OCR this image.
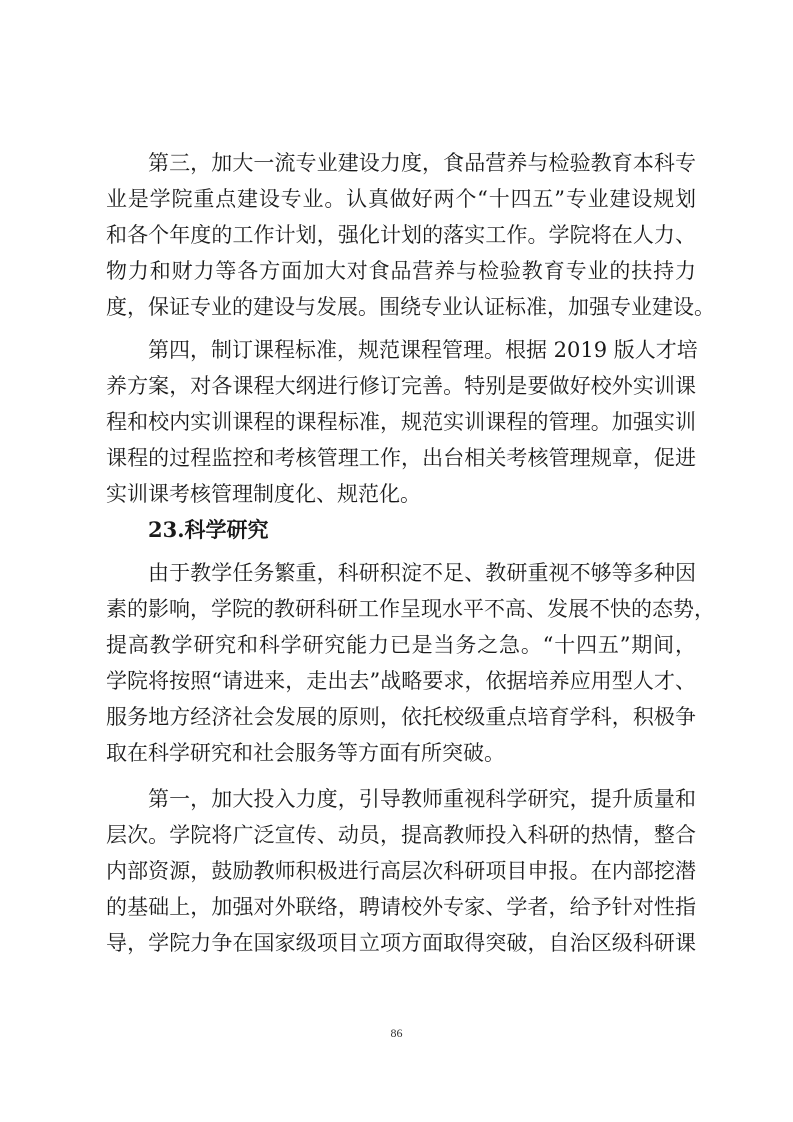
第三，加大一流专业建设力度，食品营养与检验教育本科专
业是学院重点建设专业。认真做好两个“十四五”专业建设规划
和各个年度的工作计划，强化计划的落实工作。学院将在人力、
物力和财力等各方面加大对食品营养与检验教育专业的扶持力
度，保证专业的建设与发展。围绕专业认证标准，加强专业建设。
第四，制订课程标准，规范课程管理。根据 2019 版人才培
养方案，对各课程大纲进行修订完善。特别是要做好校外实训课
程和校内实训课程的课程标准，规范实训课程的管理。加强实训
课程的过程监控和考核管理工作，出台相关考核管理规章，促进
实训课考核管理制度化、规范化。
23.科学研究
由于教学任务繁重，科研积淀不足、教研重视不够等多种因
素的影响，学院的教研科研工作呈现水平不高、发展不快的态势，
提高教学研究和科学研究能力已是当务之急。“十四五”期间，
学院将按照“请进来，走出去”战略要求，依据培养应用型人才、
服务地方经济社会发展的原则，依托校级重点培育学科，积极争
取在科学研究和社会服务等方面有所突破。
第一，加大投入力度，引导教师重视科学研究，提升质量和
层次。学院将广泛宣传、动员，提高教师投入科研的热情，整合
内部资源，鼓励教师积极进行高层次科研项目申报。在内部挖潜
的基础上，加强对外联络，聘请校外专家、学者，给予针对性指
导，学院力争在国家级项目立项方面取得突破，自治区级科研课
86
